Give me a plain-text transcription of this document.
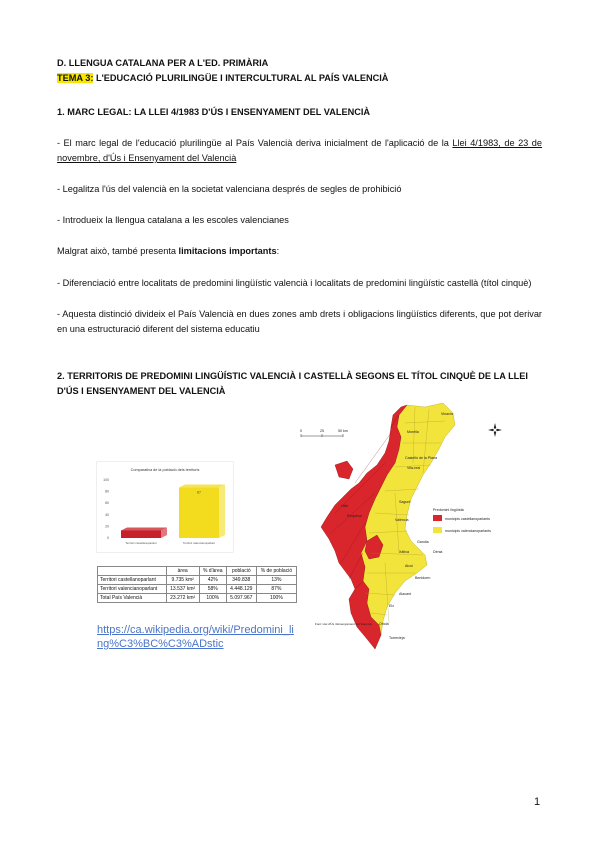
D. LLENGUA CATALANA PER A L'ED. PRIMÀRIA
TEMA 3: L'EDUCACIÓ PLURILINGÜE I INTERCULTURAL AL PAÍS VALENCIÀ
1. MARC LEGAL: LA LLEI 4/1983 D'ÚS I ENSENYAMENT DEL VALENCIÀ
- El marc legal de l'educació plurilingüe al País Valencià deriva inicialment de l'aplicació de la Llei 4/1983, de 23 de novembre, d'Ús i Ensenyament del Valencià
- Legalitza l'ús del valencià en la societat valenciana després de segles de prohibició
- Introdueix la llengua catalana a les escoles valencianes
Malgrat això, també presenta limitacions importants:
- Diferenciació entre localitats de predomini lingüístic valencià i localitats de predomini lingüístic castellà (títol cinquè)
- Aquesta distinció divideix el País Valencià en dues zones amb drets i obligacions lingüístics diferents, que pot derivar en una estructuració diferent del sistema educatiu
2. TERRITORIS DE PREDOMINI LINGÜÍSTIC VALENCIÀ I CASTELLÀ SEGONS EL TÍTOL CINQUÈ DE LA LLEI D'ÚS I ENSENYAMENT DEL VALENCIÀ
Comparativa de la població dels territoris
100
80
60
40
20
0
Territori castellanoparlant
87
Territori valencianoparlant
	àrea	% d'àrea	població	% de població
Territori castellanoparlant	9.735 km²	42%	349.838	13%
Territori valencianoparlant	13.537 km²	58%	4.448.129	87%
Total País Valencià	23.272 km²	100%	5.097.967	100%
https://ca.wikipedia.org/wiki/Predomini_li
ng%C3%BC%C3%ADstic
0	25	50 km
Predomini lingüístic
municipis castellanoparlants
municipis valencianoparlants
Vinaròs
Morella
Castelló de la Plana
Vila-real
Sagunt
València
Gandia
Dénia
Xàtiva
Alcoi
Benidorm
Alacant
Elx
Oriola
Torrevieja
Requena
Utiel
Font: Llei d'Ús i Ensenyament del Valencià
1
